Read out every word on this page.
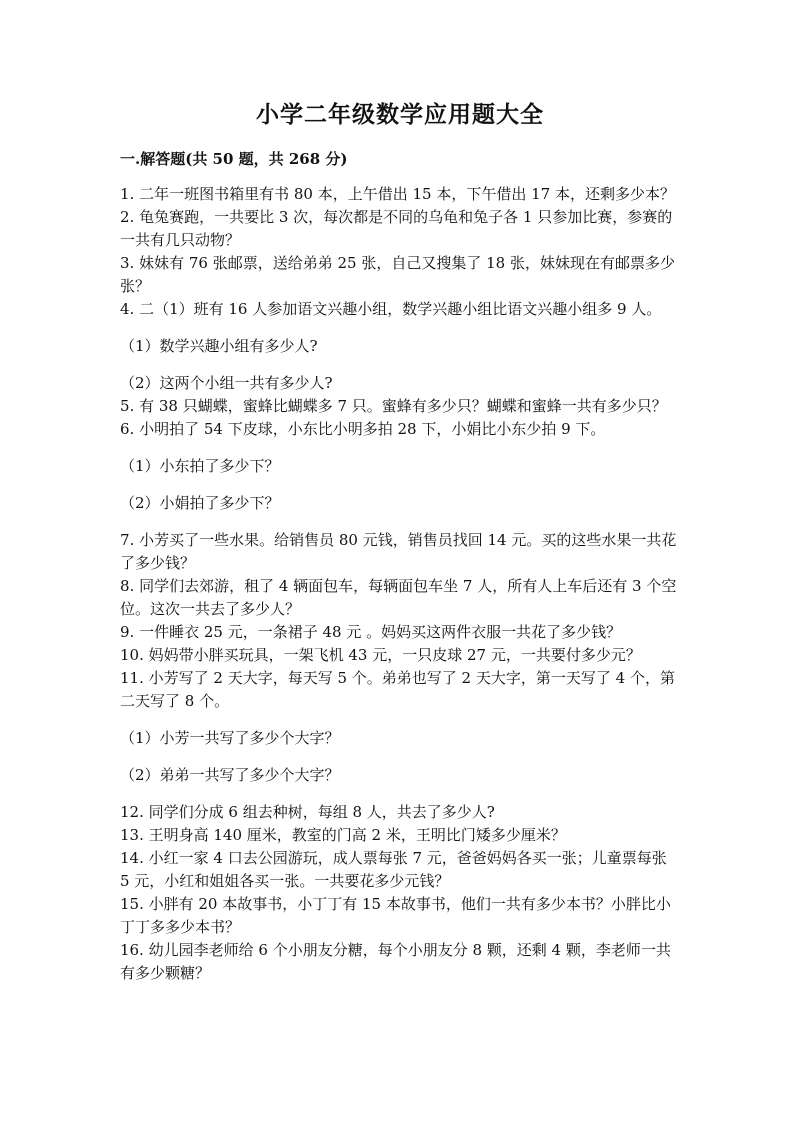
小学二年级数学应用题大全
一.解答题(共 50 题，共 268 分)

1. 二年一班图书箱里有书 80 本，上午借出 15 本，下午借出 17 本，还剩多少本？

2. 龟兔赛跑，一共要比 3 次，每次都是不同的乌龟和兔子各 1 只参加比赛，参赛的一共有几只动物？

3. 妹妹有 76 张邮票，送给弟弟 25 张，自己又搜集了 18 张，妹妹现在有邮票多少张？

4. 二（1）班有 16 人参加语文兴趣小组，数学兴趣小组比语文兴趣小组多 9 人。

（1）数学兴趣小组有多少人?

（2）这两个小组一共有多少人?

5. 有 38 只蝴蝶，蜜蜂比蝴蝶多 7 只。蜜蜂有多少只？蝴蝶和蜜蜂一共有多少只？

6. 小明拍了 54 下皮球，小东比小明多拍 28 下，小娟比小东少拍 9 下。

（1）小东拍了多少下？

（2）小娟拍了多少下？

7. 小芳买了一些水果。给销售员 80 元钱，销售员找回 14 元。买的这些水果一共花了多少钱？

8. 同学们去郊游，租了 4 辆面包车，每辆面包车坐 7 人，所有人上车后还有 3 个空位。这次一共去了多少人？

9. 一件睡衣 25 元，一条裙子 48 元 。妈妈买这两件衣服一共花了多少钱？

10. 妈妈带小胖买玩具，一架飞机 43 元，一只皮球 27 元，一共要付多少元？

11. 小芳写了 2 天大字，每天写 5 个。弟弟也写了 2 天大字，第一天写了 4 个，第二天写了 8 个。

（1）小芳一共写了多少个大字？

（2）弟弟一共写了多少个大字？

12. 同学们分成 6 组去种树，每组 8 人，共去了多少人?

13. 王明身高 140 厘米，教室的门高 2 米，王明比门矮多少厘米？

14. 小红一家 4 口去公园游玩，成人票每张 7 元，爸爸妈妈各买一张；儿童票每张 5 元，小红和姐姐各买一张。一共要花多少元钱？

15. 小胖有 20 本故事书，小丁丁有 15 本故事书，他们一共有多少本书？小胖比小丁丁多多少本书？

16. 幼儿园李老师给 6 个小朋友分糖，每个小朋友分 8 颗，还剩 4 颗，李老师一共有多少颗糖？
